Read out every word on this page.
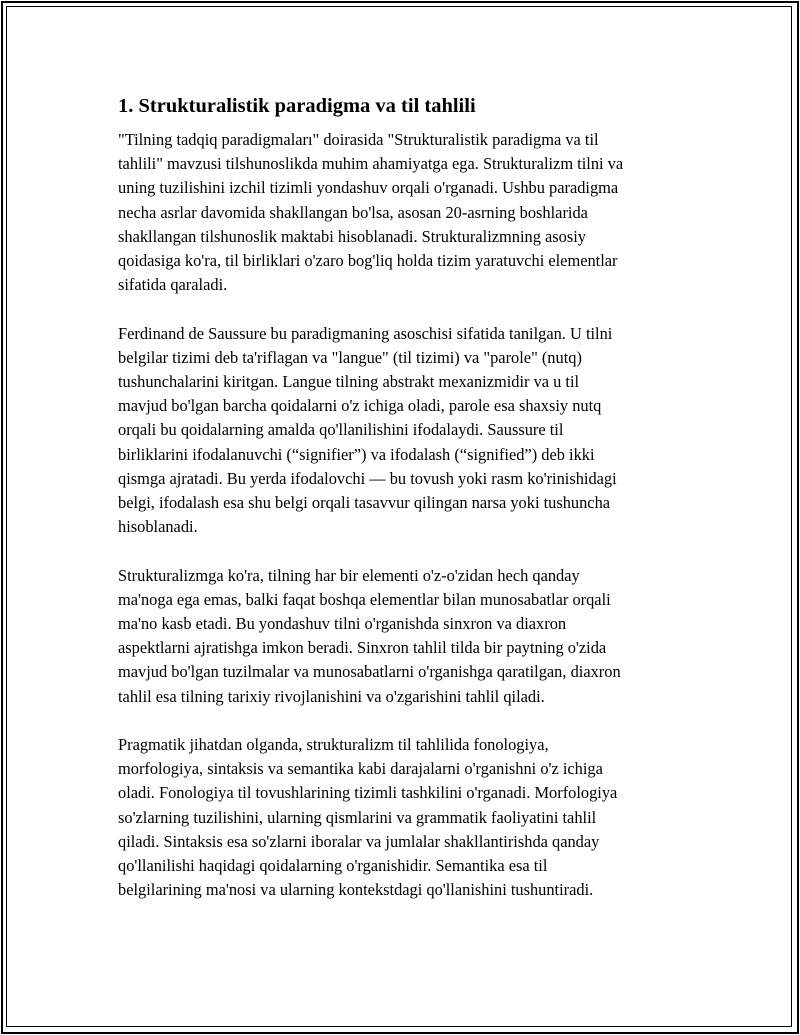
1. Strukturalistik paradigma va til tahlili

"Tilning tadqiq paradigmaları" doirasida "Strukturalistik paradigma va til
tahlili" mavzusi tilshunoslikda muhim ahamiyatga ega. Strukturalizm tilni va
uning tuzilishini izchil tizimli yondashuv orqali o'rganadi. Ushbu paradigma
necha asrlar davomida shakllangan bo'lsa, asosan 20-asrning boshlarida
shakllangan tilshunoslik maktabi hisoblanadi. Strukturalizmning asosiy
qoidasiga ko'ra, til birliklari o'zaro bog'liq holda tizim yaratuvchi elementlar
sifatida qaraladi.

Ferdinand de Saussure bu paradigmaning asoschisi sifatida tanilgan. U tilni
belgilar tizimi deb ta'riflagan va "langue" (til tizimi) va "parole" (nutq)
tushunchalarini kiritgan. Langue tilning abstrakt mexanizmidir va u til
mavjud bo'lgan barcha qoidalarni o'z ichiga oladi, parole esa shaxsiy nutq
orqali bu qoidalarning amalda qo'llanilishini ifodalaydi. Saussure til
birliklarini ifodalanuvchi (“signifier”) va ifodalash (“signified”) deb ikki
qismga ajratadi. Bu yerda ifodalovchi — bu tovush yoki rasm ko'rinishidagi
belgi, ifodalash esa shu belgi orqali tasavvur qilingan narsa yoki tushuncha
hisoblanadi.

Strukturalizmga ko'ra, tilning har bir elementi o'z-o'zidan hech qanday
ma'noga ega emas, balki faqat boshqa elementlar bilan munosabatlar orqali
ma'no kasb etadi. Bu yondashuv tilni o'rganishda sinxron va diaxron
aspektlarni ajratishga imkon beradi. Sinxron tahlil tilda bir paytning o'zida
mavjud bo'lgan tuzilmalar va munosabatlarni o'rganishga qaratilgan, diaxron
tahlil esa tilning tarixiy rivojlanishini va o'zgarishini tahlil qiladi.

Pragmatik jihatdan olganda, strukturalizm til tahlilida fonologiya,
morfologiya, sintaksis va semantika kabi darajalarni o'rganishni o'z ichiga
oladi. Fonologiya til tovushlarining tizimli tashkilini o'rganadi. Morfologiya
so'zlarning tuzilishini, ularning qismlarini va grammatik faoliyatini tahlil
qiladi. Sintaksis esa so'zlarni iboralar va jumlalar shakllantirishda qanday
qo'llanilishi haqidagi qoidalarning o'rganishidir. Semantika esa til
belgilarining ma'nosi va ularning kontekstdagi qo'llanishini tushuntiradi.
